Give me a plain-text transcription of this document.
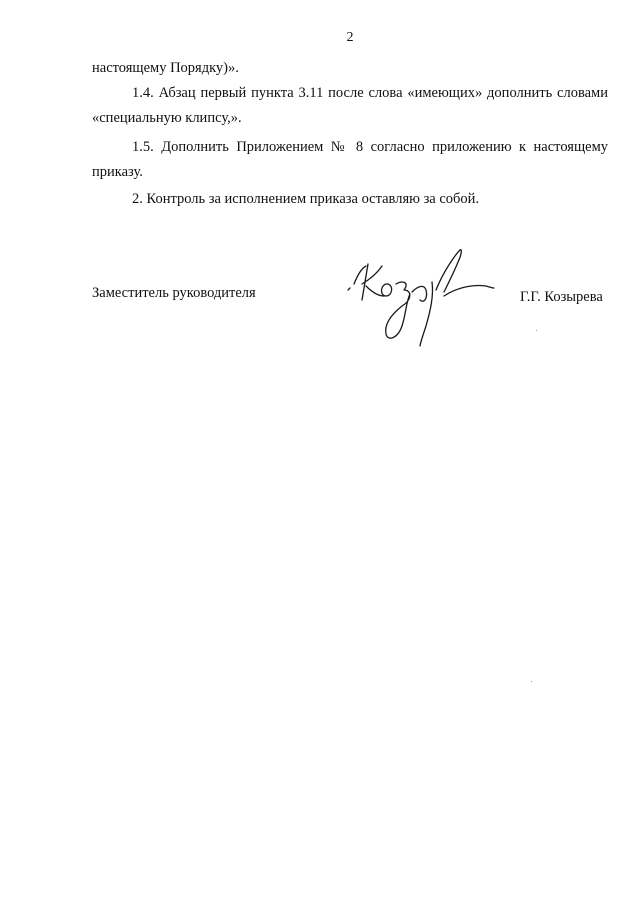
2

настоящему Порядку)».

1.4. Абзац первый пункта 3.11 после слова «имеющих» дополнить словами «специальную клипсу,».

1.5. Дополнить Приложением № 8 согласно приложению к настоящему приказу.

2. Контроль за исполнением приказа оставляю за собой.

Заместитель руководителя	Г.Г. Козырева
